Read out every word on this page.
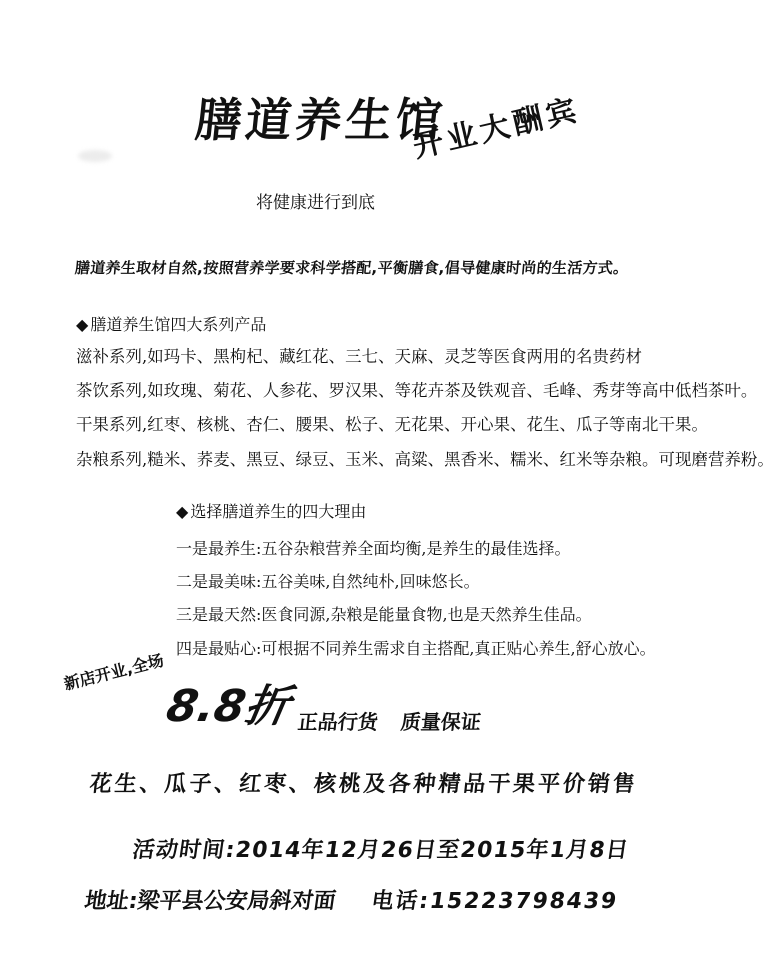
膳道养生馆
开业大酬宾
将健康进行到底
膳道养生取材自然,按照营养学要求科学搭配,平衡膳食,倡导健康时尚的生活方式。
◆ 膳道养生馆四大系列产品
滋补系列,如玛卡、黑枸杞、藏红花、三七、天麻、灵芝等医食两用的名贵药材
茶饮系列,如玫瑰、菊花、人参花、罗汉果、等花卉茶及铁观音、毛峰、秀芽等高中低档茶叶。
干果系列,红枣、核桃、杏仁、腰果、松子、无花果、开心果、花生、瓜子等南北干果。
杂粮系列,糙米、荞麦、黑豆、绿豆、玉米、高粱、黑香米、糯米、红米等杂粮。可现磨营养粉。
◆ 选择膳道养生的四大理由
一是最养生:五谷杂粮营养全面均衡,是养生的最佳选择。
二是最美味:五谷美味,自然纯朴,回味悠长。
三是最天然:医食同源,杂粮是能量食物,也是天然养生佳品。
四是最贴心:可根据不同养生需求自主搭配,真正贴心养生,舒心放心。
新店开业,全场
8.8折 正品行货 质量保证
花生、瓜子、红枣、核桃及各种精品干果平价销售
活动时间:2014年12月26日至2015年1月8日
地址:梁平县公安局斜对面 电话:15223798439
